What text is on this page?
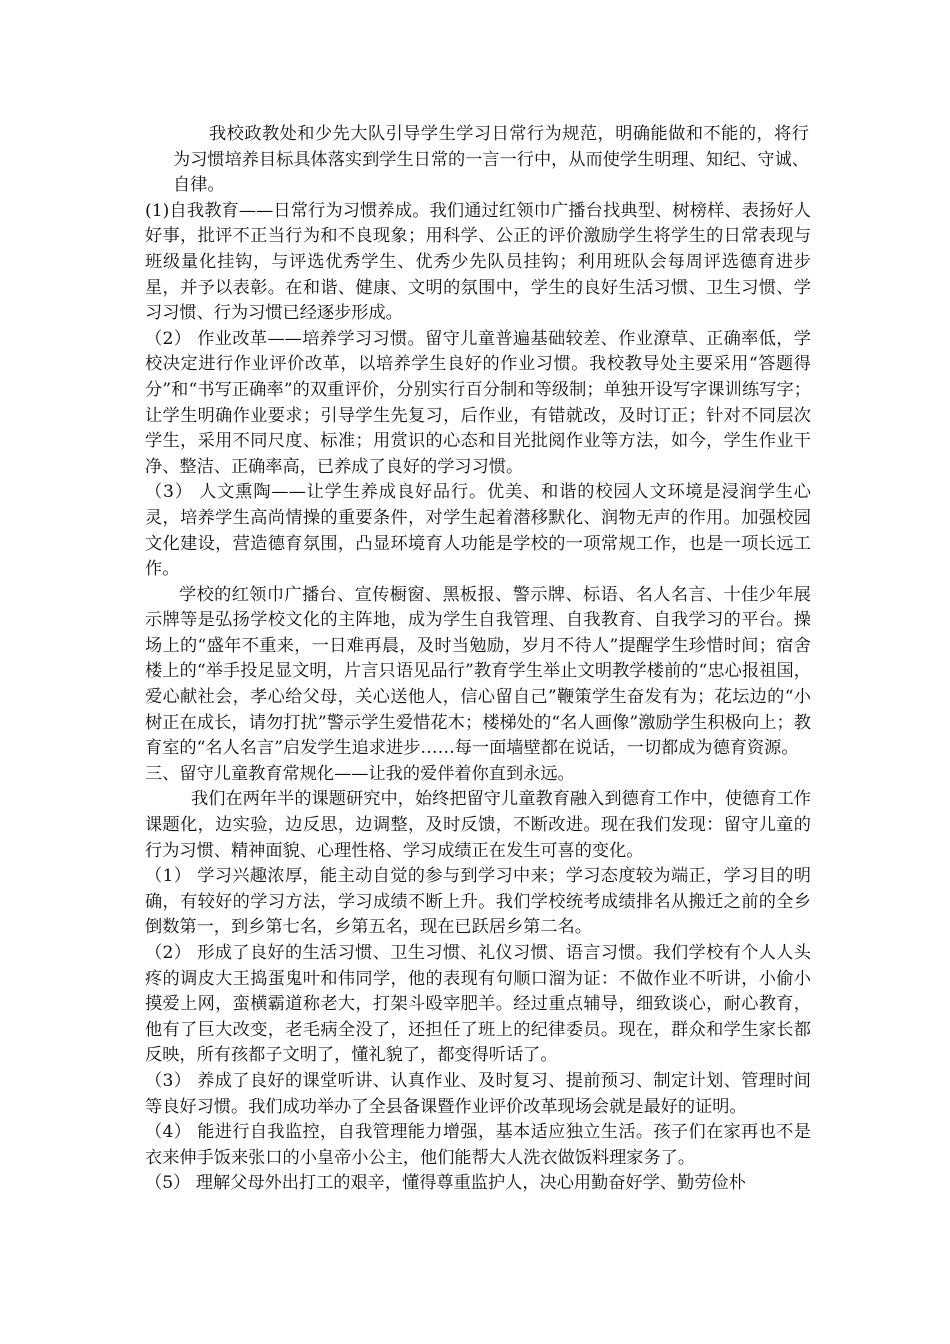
我校政教处和少先大队引导学生学习日常行为规范，明确能做和不能的，将行为习惯培养目标具体落实到学生日常的一言一行中，从而使学生明理、知纪、守诚、自律。

(1)自我教育——日常行为习惯养成。我们通过红领巾广播台找典型、树榜样、表扬好人好事，批评不正当行为和不良现象；用科学、公正的评价激励学生将学生的日常表现与班级量化挂钩，与评选优秀学生、优秀少先队员挂钩；利用班队会每周评选德育进步星，并予以表彰。在和谐、健康、文明的氛围中，学生的良好生活习惯、卫生习惯、学习习惯、行为习惯已经逐步形成。

（2） 作业改革——培养学习习惯。留守儿童普遍基础较差、作业潦草、正确率低，学校决定进行作业评价改革，以培养学生良好的作业习惯。我校教导处主要采用“答题得分”和“书写正确率”的双重评价，分别实行百分制和等级制；单独开设写字课训练写字；让学生明确作业要求；引导学生先复习，后作业，有错就改，及时订正；针对不同层次学生，采用不同尺度、标准；用赏识的心态和目光批阅作业等方法，如今，学生作业干净、整洁、正确率高，已养成了良好的学习习惯。

（3） 人文熏陶——让学生养成良好品行。优美、和谐的校园人文环境是浸润学生心灵，培养学生高尚情操的重要条件，对学生起着潜移默化、润物无声的作用。加强校园文化建设，营造德育氛围，凸显环境育人功能是学校的一项常规工作，也是一项长远工作。

学校的红领巾广播台、宣传橱窗、黑板报、警示牌、标语、名人名言、十佳少年展示牌等是弘扬学校文化的主阵地，成为学生自我管理、自我教育、自我学习的平台。操场上的“盛年不重来，一日难再晨，及时当勉励，岁月不待人”提醒学生珍惜时间；宿舍楼上的“举手投足显文明，片言只语见品行”教育学生举止文明教学楼前的“忠心报祖国，爱心献社会，孝心给父母，关心送他人，信心留自己”鞭策学生奋发有为；花坛边的“小树正在成长，请勿打扰”警示学生爱惜花木；楼梯处的“名人画像”激励学生积极向上；教育室的“名人名言”启发学生追求进步……每一面墙壁都在说话，一切都成为德育资源。

三、留守儿童教育常规化——让我的爱伴着你直到永远。

我们在两年半的课题研究中，始终把留守儿童教育融入到德育工作中，使德育工作课题化，边实验，边反思，边调整，及时反馈，不断改进。现在我们发现：留守儿童的行为习惯、精神面貌、心理性格、学习成绩正在发生可喜的变化。

（1） 学习兴趣浓厚，能主动自觉的参与到学习中来；学习态度较为端正，学习目的明确，有较好的学习方法，学习成绩不断上升。我们学校统考成绩排名从搬迁之前的全乡倒数第一，到乡第七名，乡第五名，现在已跃居乡第二名。

（2） 形成了良好的生活习惯、卫生习惯、礼仪习惯、语言习惯。我们学校有个人人头疼的调皮大王捣蛋鬼叶和伟同学，他的表现有句顺口溜为证：不做作业不听讲，小偷小摸爱上网，蛮横霸道称老大，打架斗殴宰肥羊。经过重点辅导，细致谈心，耐心教育，他有了巨大改变，老毛病全没了，还担任了班上的纪律委员。现在，群众和学生家长都反映，所有孩都子文明了，懂礼貌了，都变得听话了。

（3） 养成了良好的课堂听讲、认真作业、及时复习、提前预习、制定计划、管理时间等良好习惯。我们成功举办了全县备课暨作业评价改革现场会就是最好的证明。

（4） 能进行自我监控，自我管理能力增强，基本适应独立生活。孩子们在家再也不是衣来伸手饭来张口的小皇帝小公主，他们能帮大人洗衣做饭料理家务了。

（5） 理解父母外出打工的艰辛，懂得尊重监护人，决心用勤奋好学、勤劳俭朴
